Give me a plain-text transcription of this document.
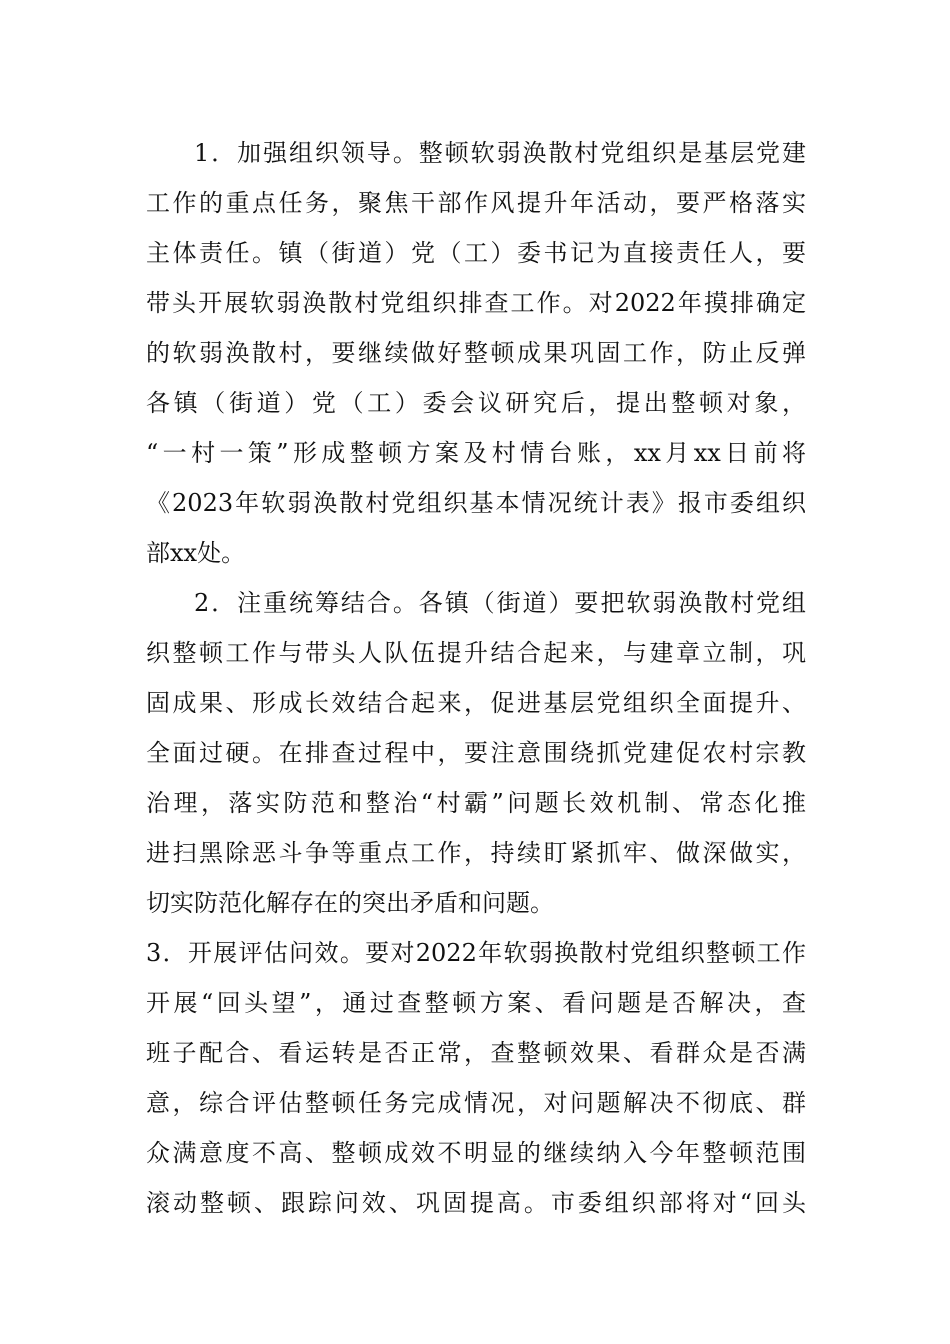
1．加强组织领导。整顿软弱涣散村党组织是基层党建
工作的重点任务，聚焦干部作风提升年活动，要严格落实
主体责任。镇（街道）党（工）委书记为直接责任人，要
带头开展软弱涣散村党组织排查工作。对2022年摸排确定
的软弱涣散村，要继续做好整顿成果巩固工作，防止反弹
各镇（街道）党（工）委会议研究后，提出整顿对象，
“一村一策”形成整顿方案及村情台账，xx月xx日前将
《2023年软弱涣散村党组织基本情况统计表》报市委组织
部xx处。
2．注重统筹结合。各镇（街道）要把软弱涣散村党组
织整顿工作与带头人队伍提升结合起来，与建章立制，巩
固成果、形成长效结合起来，促进基层党组织全面提升、
全面过硬。在排查过程中，要注意围绕抓党建促农村宗教
治理，落实防范和整治“村霸”问题长效机制、常态化推
进扫黑除恶斗争等重点工作，持续盯紧抓牢、做深做实，
切实防范化解存在的突出矛盾和问题。
3．开展评估问效。要对2022年软弱换散村党组织整顿工作
开展“回头望”，通过查整顿方案、看问题是否解决，查
班子配合、看运转是否正常，查整顿效果、看群众是否满
意，综合评估整顿任务完成情况，对问题解决不彻底、群
众满意度不高、整顿成效不明显的继续纳入今年整顿范围
滚动整顿、跟踪问效、巩固提高。市委组织部将对“回头
